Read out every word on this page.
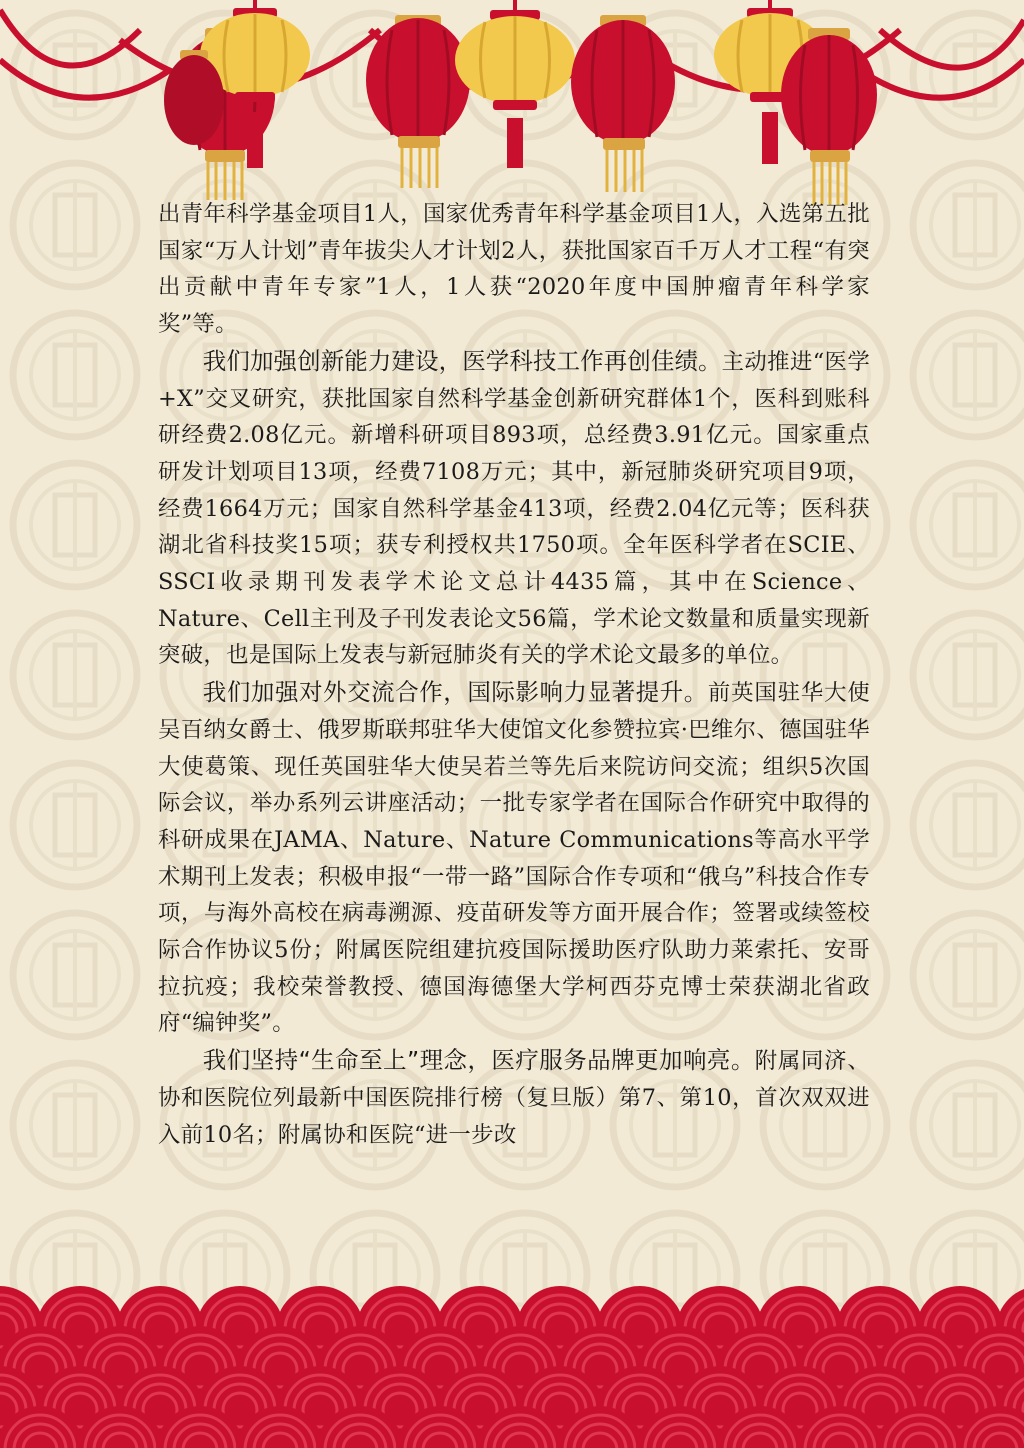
出青年科学基金项目1人，国家优秀青年科学基金项目1人，入选第五批国家“万人计划”青年拔尖人才计划2人，获批国家百千万人才工程“有突出贡献中青年专家”1人，1人获“2020年度中国肿瘤青年科学家奖”等。

我们加强创新能力建设，医学科技工作再创佳绩。主动推进“医学+X”交叉研究，获批国家自然科学基金创新研究群体1个，医科到账科研经费2.08亿元。新增科研项目893项，总经费3.91亿元。国家重点研发计划项目13项，经费7108万元；其中，新冠肺炎研究项目9项，经费1664万元；国家自然科学基金413项，经费2.04亿元等；医科获湖北省科技奖15项；获专利授权共1750项。全年医科学者在SCIE、SSCI收录期刊发表学术论文总计4435篇，其中在Science、Nature、Cell主刊及子刊发表论文56篇，学术论文数量和质量实现新突破，也是国际上发表与新冠肺炎有关的学术论文最多的单位。

我们加强对外交流合作，国际影响力显著提升。前英国驻华大使吴百纳女爵士、俄罗斯联邦驻华大使馆文化参赞拉宾·巴维尔、德国驻华大使葛策、现任英国驻华大使吴若兰等先后来院访问交流；组织5次国际会议，举办系列云讲座活动；一批专家学者在国际合作研究中取得的科研成果在JAMA、Nature、Nature Communications等高水平学术期刊上发表；积极申报“一带一路”国际合作专项和“俄乌”科技合作专项，与海外高校在病毒溯源、疫苗研发等方面开展合作；签署或续签校际合作协议5份；附属医院组建抗疫国际援助医疗队助力莱索托、安哥拉抗疫；我校荣誉教授、德国海德堡大学柯西芬克博士荣获湖北省政府“编钟奖”。

我们坚持“生命至上”理念，医疗服务品牌更加响亮。附属同济、协和医院位列最新中国医院排行榜（复旦版）第7、第10，首次双双进入前10名；附属协和医院“进一步改
